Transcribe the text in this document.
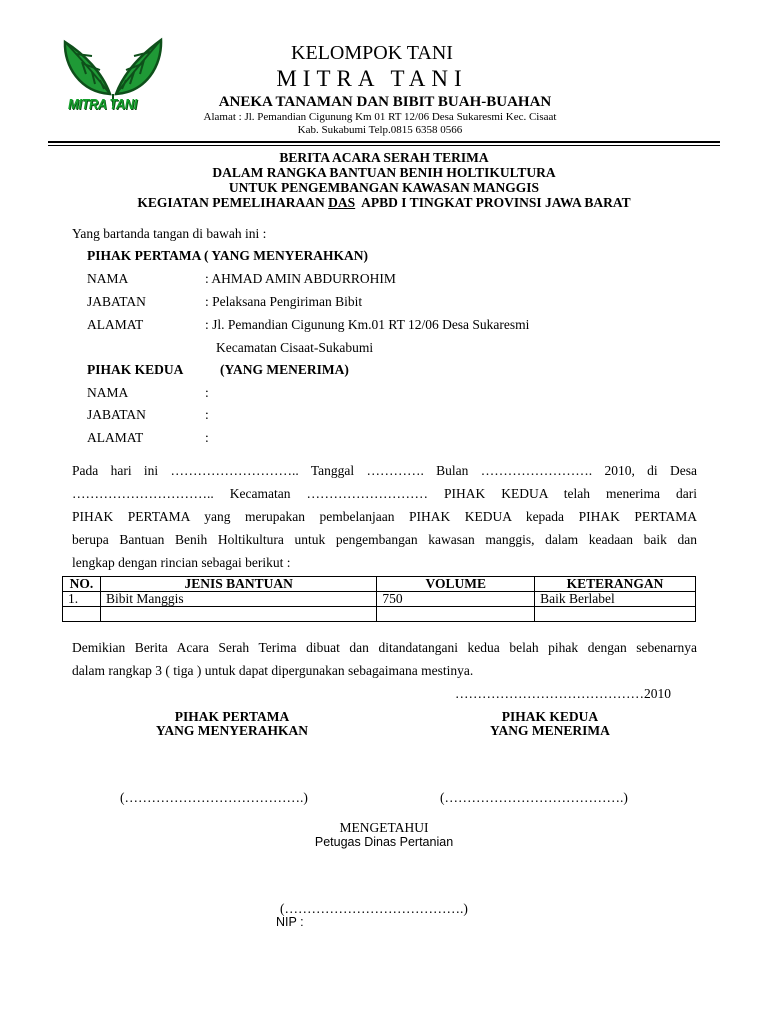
MITRA TANI
KELOMPOK TANI
MITRA TANI
ANEKA TANAMAN DAN BIBIT BUAH-BUAHAN
Alamat : Jl. Pemandian Cigunung Km 01 RT 12/06 Desa Sukaresmi Kec. Cisaat
Kab. Sukabumi Telp.0815 6358 0566
BERITA ACARA SERAH TERIMA
DALAM RANGKA BANTUAN BENIH HOLTIKULTURA
UNTUK PENGEMBANGAN KAWASAN MANGGIS
KEGIATAN PEMELIHARAAN DAS  APBD I TINGKAT PROVINSI JAWA BARAT
Yang bartanda tangan di bawah ini :
PIHAK PERTAMA ( YANG MENYERAHKAN)
NAMA	: AHMAD AMIN ABDURROHIM
JABATAN	: Pelaksana Pengiriman Bibit
ALAMAT	: Jl. Pemandian Cigunung Km.01 RT 12/06 Desa Sukaresmi
Kecamatan Cisaat-Sukabumi
PIHAK KEDUA	(YANG MENERIMA)
NAMA	:
JABATAN	:
ALAMAT	:
Pada hari ini ……………………….. Tanggal …………. Bulan ……………………. 2010, di Desa
………………………….. Kecamatan ……………………… PIHAK KEDUA telah menerima dari
PIHAK PERTAMA yang merupakan pembelanjaan PIHAK KEDUA kepada PIHAK PERTAMA
berupa Bantuan Benih Holtikultura untuk pengembangan kawasan manggis, dalam keadaan baik dan
lengkap dengan rincian sebagai berikut :
NO.	JENIS BANTUAN	VOLUME	KETERANGAN
1.	Bibit Manggis	750	Baik Berlabel

Demikian Berita Acara Serah Terima dibuat dan ditandatangani kedua belah pihak dengan sebenarnya
dalam rangkap 3 ( tiga ) untuk dapat dipergunakan sebagaimana mestinya.
……………………………………2010
PIHAK PERTAMA
YANG MENYERAHKAN
PIHAK KEDUA
YANG MENERIMA
(………………………………….)	(………………………………….)
MENGETAHUI
Petugas Dinas Pertanian
(………………………………….)
NIP :
